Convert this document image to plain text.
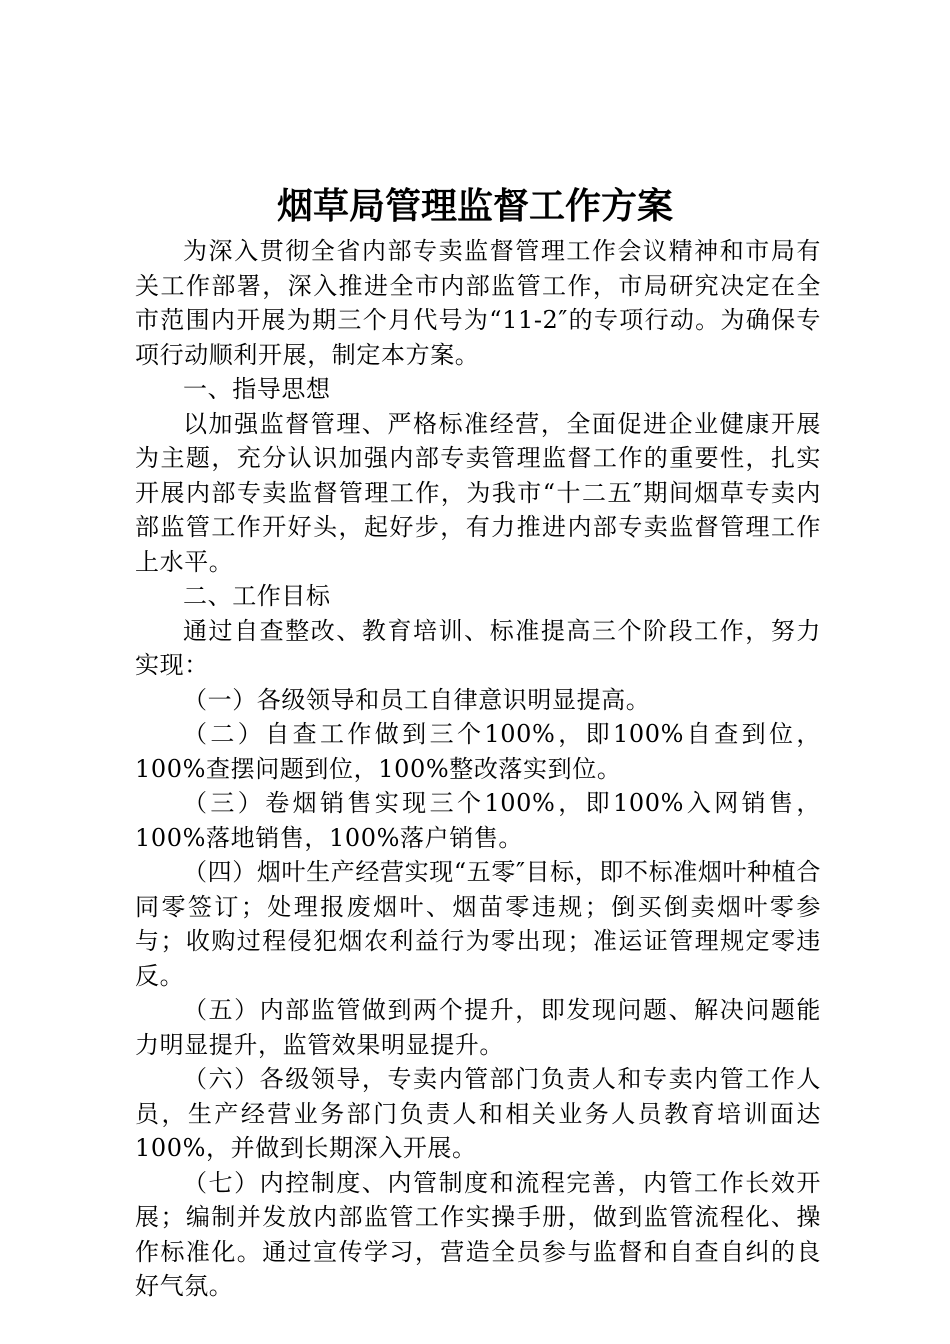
烟草局管理监督工作方案

为深入贯彻全省内部专卖监督管理工作会议精神和市局有关工作部署，深入推进全市内部监管工作，市局研究决定在全市范围内开展为期三个月代号为“11-2″的专项行动。为确保专项行动顺利开展，制定本方案。

一、指导思想

以加强监督管理、严格标准经营，全面促进企业健康开展为主题，充分认识加强内部专卖管理监督工作的重要性，扎实开展内部专卖监督管理工作，为我市“十二五″期间烟草专卖内部监管工作开好头，起好步，有力推进内部专卖监督管理工作上水平。

二、工作目标

通过自查整改、教育培训、标准提高三个阶段工作，努力实现：

（一）各级领导和员工自律意识明显提高。

（二）自查工作做到三个100%，即100%自查到位，100%查摆问题到位，100%整改落实到位。

（三）卷烟销售实现三个100%，即100%入网销售，100%落地销售，100%落户销售。

（四）烟叶生产经营实现“五零″目标，即不标准烟叶种植合同零签订；处理报废烟叶、烟苗零违规；倒买倒卖烟叶零参与；收购过程侵犯烟农利益行为零出现；准运证管理规定零违反。

（五）内部监管做到两个提升，即发现问题、解决问题能力明显提升，监管效果明显提升。

（六）各级领导，专卖内管部门负责人和专卖内管工作人员，生产经营业务部门负责人和相关业务人员教育培训面达100%，并做到长期深入开展。

（七）内控制度、内管制度和流程完善，内管工作长效开展；编制并发放内部监管工作实操手册，做到监管流程化、操作标准化。通过宣传学习，营造全员参与监督和自查自纠的良好气氛。
